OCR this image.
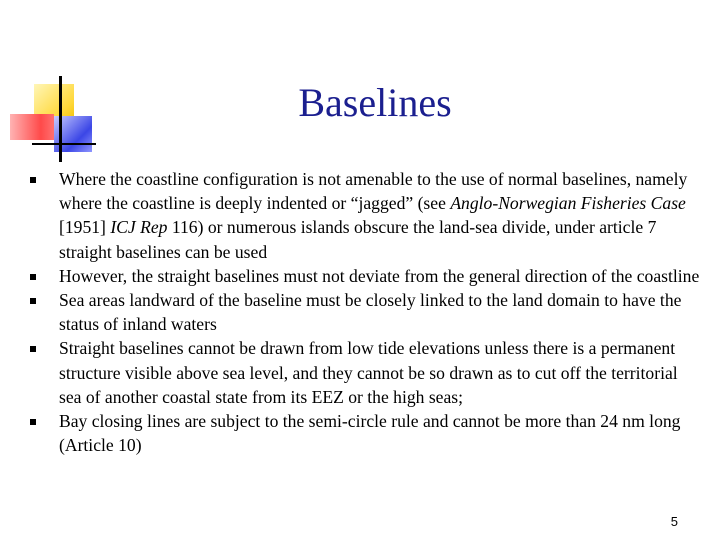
Baselines
Where the coastline configuration is not amenable to the use of normal baselines, namely where the coastline is deeply indented or “jagged” (see Anglo-Norwegian Fisheries Case [1951] ICJ Rep 116) or numerous islands obscure the land-sea divide, under article 7 straight baselines can be used
However, the straight baselines must not deviate from the general direction of the coastline
Sea areas landward of the baseline must be closely linked to the land domain to have the status of inland waters
Straight baselines cannot be drawn from low tide elevations unless there is a permanent structure visible above sea level, and they cannot be so drawn as to cut off the territorial sea of another coastal state from its EEZ or the high seas;
Bay closing lines are subject to the semi-circle rule and cannot be more than 24 nm long (Article 10)
5
